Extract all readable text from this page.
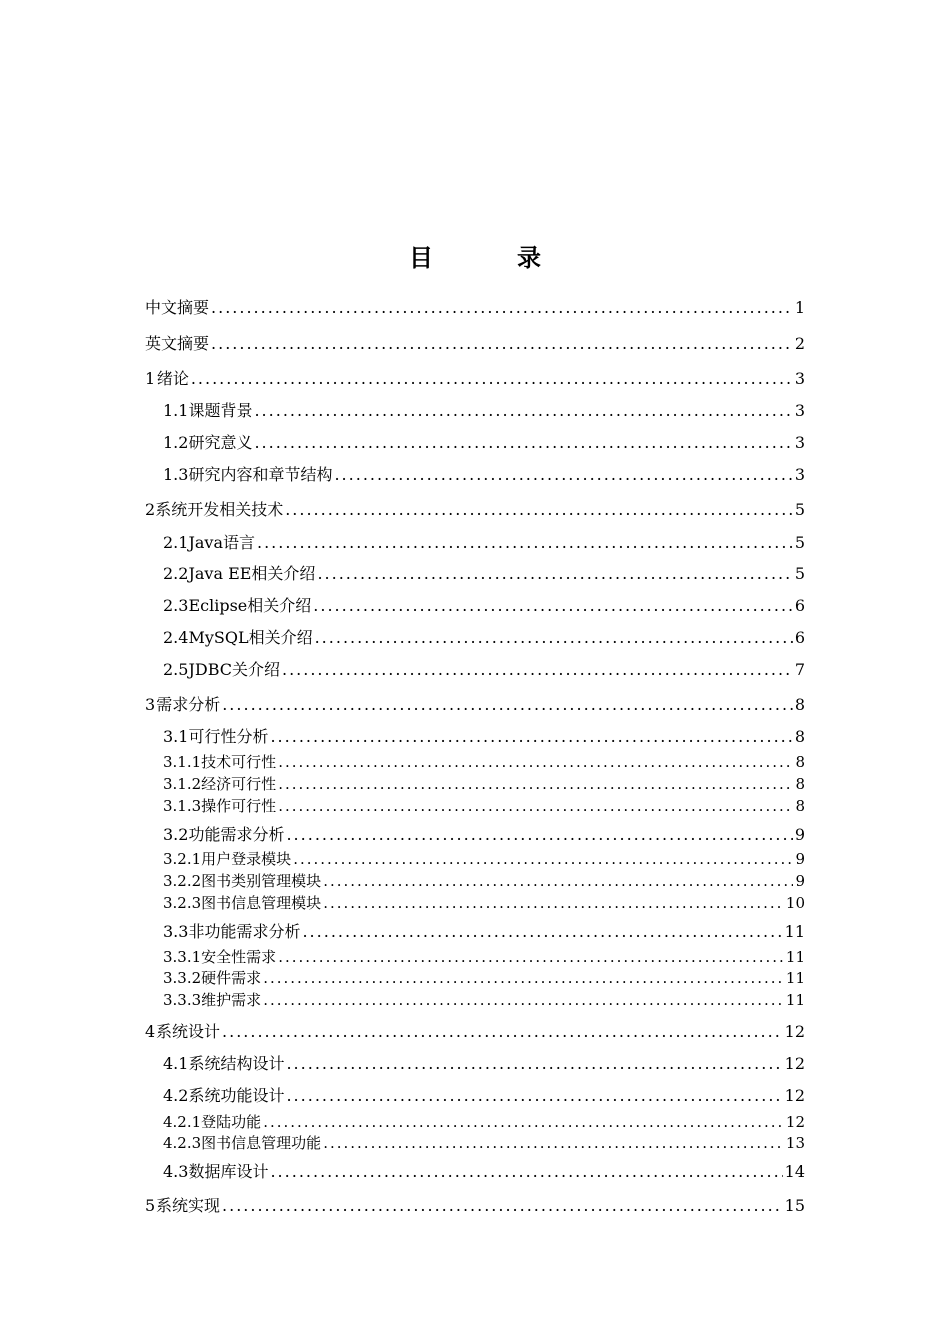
目　录
中文摘要 .....	1
英文摘要 .....	2
1 绪论 .....	3
1.1 课题背景 .....	3
1.2 研究意义 .....	3
1.3 研究内容和章节结构 .....	3
2 系统开发相关技术 .....	5
2.1 Java语言 .....	5
2.2 Java EE相关介绍 .....	5
2.3 Eclipse相关介绍 .....	6
2.4 MySQL相关介绍 .....	6
2.5 JDBC关介绍 .....	7
3 需求分析 .....	8
3.1 可行性分析 .....	8
3.1.1 技术可行性 .....	8
3.1.2 经济可行性 .....	8
3.1.3 操作可行性 .....	8
3.2 功能需求分析 .....	9
3.2.1 用户登录模块 .....	9
3.2.2 图书类别管理模块 .....	9
3.2.3 图书信息管理模块 .....	10
3.3 非功能需求分析 .....	11
3.3.1 安全性需求 .....	11
3.3.2 硬件需求 .....	11
3.3.3 维护需求 .....	11
4 系统设计 .....	12
4.1 系统结构设计 .....	12
4.2 系统功能设计 .....	12
4.2.1 登陆功能 .....	12
4.2.3 图书信息管理功能 .....	13
4.3 数据库设计 .....	14
5 系统实现 .....	15
